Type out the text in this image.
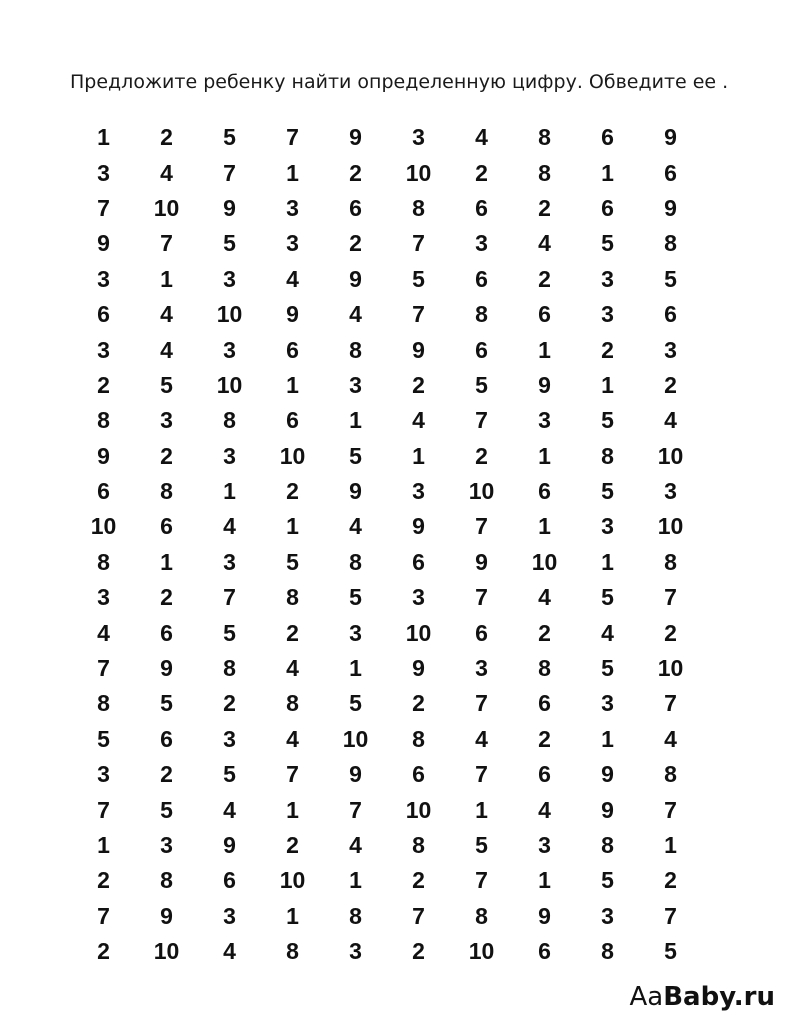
Предложите ребенку найти определенную цифру. Обведите ее .
1	2	5	7	9	3	4	8	6	9
3	4	7	1	2	10	2	8	1	6
7	10	9	3	6	8	6	2	6	9
9	7	5	3	2	7	3	4	5	8
3	1	3	4	9	5	6	2	3	5
6	4	10	9	4	7	8	6	3	6
3	4	3	6	8	9	6	1	2	3
2	5	10	1	3	2	5	9	1	2
8	3	8	6	1	4	7	3	5	4
9	2	3	10	5	1	2	1	8	10
6	8	1	2	9	3	10	6	5	3
10	6	4	1	4	9	7	1	3	10
8	1	3	5	8	6	9	10	1	8
3	2	7	8	5	3	7	4	5	7
4	6	5	2	3	10	6	2	4	2
7	9	8	4	1	9	3	8	5	10
8	5	2	8	5	2	7	6	3	7
5	6	3	4	10	8	4	2	1	4
3	2	5	7	9	6	7	6	9	8
7	5	4	1	7	10	1	4	9	7
1	3	9	2	4	8	5	3	8	1
2	8	6	10	1	2	7	1	5	2
7	9	3	1	8	7	8	9	3	7
2	10	4	8	3	2	10	6	8	5
AaBaby.ru
